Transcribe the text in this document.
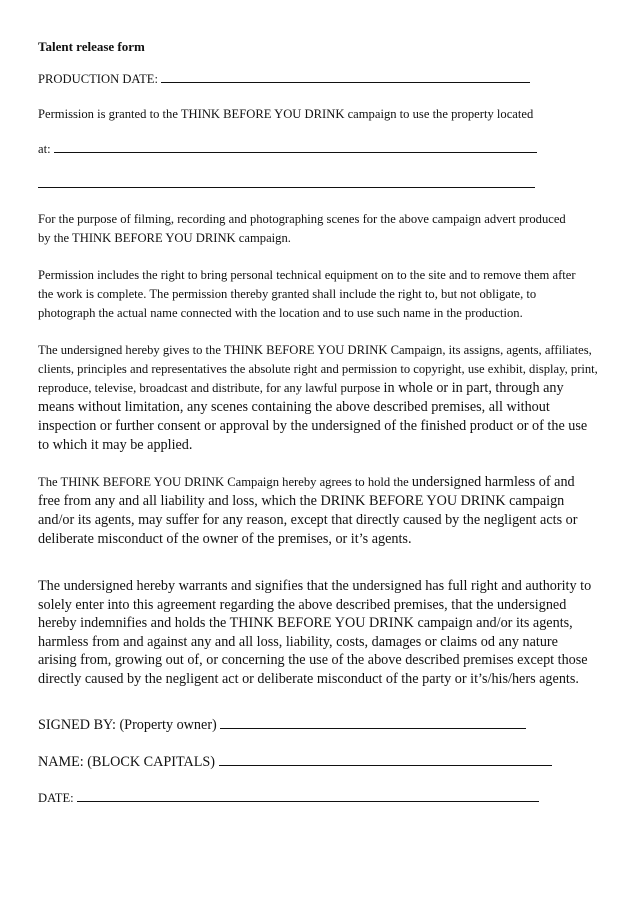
Talent release form

PRODUCTION DATE:

Permission is granted to the THINK BEFORE YOU DRINK campaign to use the property located

at:

For the purpose of filming, recording and photographing scenes for the above campaign advert produced by the THINK BEFORE YOU DRINK campaign.

Permission includes the right to bring personal technical equipment on to the site and to remove them after the work is complete. The permission thereby granted shall include the right to, but not obligate, to photograph the actual name connected with the location and to use such name in the production.

The undersigned hereby gives to the THINK BEFORE YOU DRINK Campaign, its assigns, agents, affiliates, clients, principles and representatives the absolute right and permission to copyright, use exhibit, display, print, reproduce, televise, broadcast and distribute, for any lawful purpose in whole or in part, through any means without limitation, any scenes containing the above described premises, all without inspection or further consent or approval by the undersigned of the finished product or of the use to which it may be applied.

The THINK BEFORE YOU DRINK Campaign hereby agrees to hold the undersigned harmless of and free from any and all liability and loss, which the DRINK BEFORE YOU DRINK campaign and/or its agents, may suffer for any reason, except that directly caused by the negligent acts or deliberate misconduct of the owner of the premises, or it’s agents.

The undersigned hereby warrants and signifies that the undersigned has full right and authority to solely enter into this agreement regarding the above described premises, that the undersigned hereby indemnifies and holds the THINK BEFORE YOU DRINK campaign and/or its agents, harmless from and against any and all loss, liability, costs, damages or claims od any nature arising from, growing out of, or concerning the use of the above described premises except those directly caused by the negligent act or deliberate misconduct of the party or it’s/his/hers agents.

SIGNED BY: (Property owner)
NAME: (BLOCK CAPITALS)
DATE:
